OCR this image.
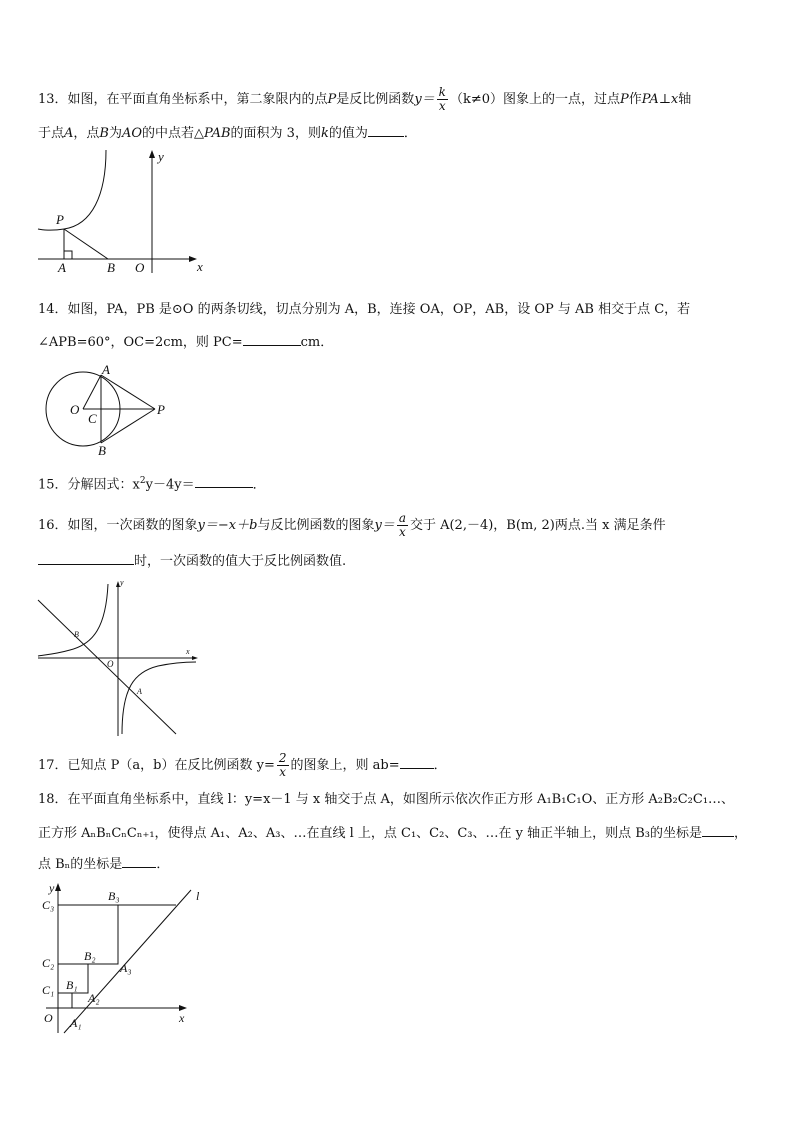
13．如图，在平面直角坐标系中，第二象限内的点P是反比例函数$y= \frac{k}{x} (k\ne 0)$图象上的一点，过点P作PA⊥x轴
于点A，点B为AO的中点若△PAB的面积为 3，则k的值为	．
y
x
P
A	B O
14．如图，PA，PB 是⊙O 的两条切线，切点分别为 A，B，连接 OA，OP，AB，设 OP 与 AB 相交于点 C，若
∠APB=60°，OC=2cm，则 PC=	cm．
A
O
C
P
B
15．分解因式：$x^2y-4y=$	．
16．如图，一次函数的图象y＝−x＋b与反比例函数的图象$y= \frac{a}{x}$ 交于 A(2,－4)，B(m, 2)两点.当 x 满足条件
时，一次函数的值大于反比例函数值.
y
x
O
B
A
17．已知点 P（a，b）在反比例函数 $y= \frac{2}{x}$ 的图象上，则 ab=	．
18．在平面直角坐标系中，直线 l：y=x－1 与 x 轴交于点 A，如图所示依次作正方形 A₁B₁C₁O、正方形 A₂B₂C₂C₁…、
正方形 AₙBₙCₙCₙ₊₁，使得点 A₁、A₂、A₃、…在直线 l 上，点 C₁、C₂、C₃、…在 y 轴正半轴上，则点 B₃的坐标是 ，
点 Bₙ的坐标是	．
y
x
l
O
C₁
C₂
C₃
B₁
B₂
B₃
A₁
A₂
A₃
